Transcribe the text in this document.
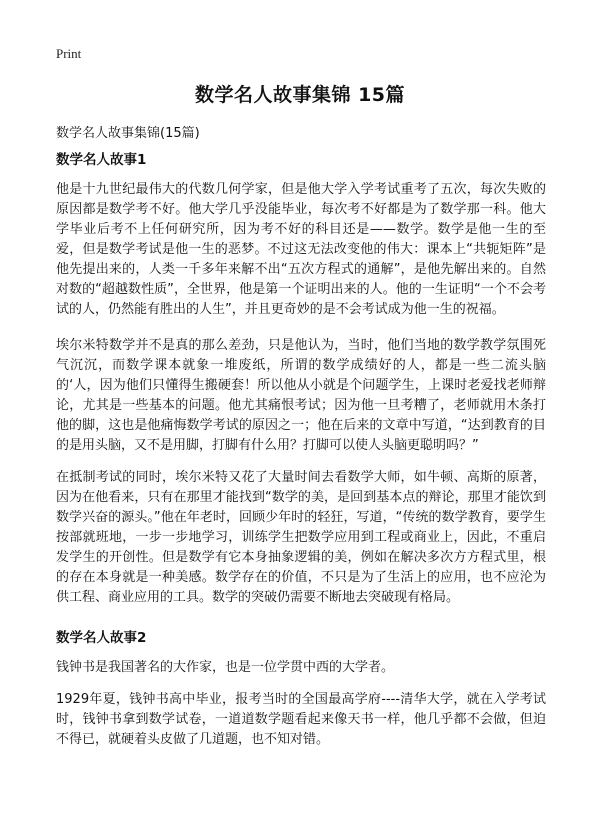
Print
数学名人故事集锦 15篇
数学名人故事集锦(15篇)

数学名人故事1

他是十九世纪最伟大的代数几何学家，但是他大学入学考试重考了五次，每次失败的原因都是数学考不好。他大学几乎没能毕业，每次考不好都是为了数学那一科。他大学毕业后考不上任何研究所，因为考不好的科目还是——数学。数学是他一生的至爱，但是数学考试是他一生的恶梦。不过这无法改变他的伟大：课本上“共轭矩阵”是他先提出来的，人类一千多年来解不出“五次方程式的通解”，是他先解出来的。自然对数的“超越数性质”，全世界，他是第一个证明出来的人。他的一生证明“一个不会考试的人，仍然能有胜出的人生”，并且更奇妙的是不会考试成为他一生的祝福。

埃尔米特数学并不是真的那么差劲，只是他认为，当时，他们当地的数学教学氛围死气沉沉，而数学课本就象一堆废纸，所谓的数学成绩好的人，都是一些二流头脑的‘人，因为他们只懂得生搬硬套！所以他从小就是个问题学生，上课时老爱找老师辩论，尤其是一些基本的问题。他尤其痛恨考试；因为他一旦考糟了，老师就用木条打他的脚，这也是他痛悔数学考试的原因之一；他在后来的文章中写道，“达到教育的目的是用头脑，又不是用脚，打脚有什么用？打脚可以使人头脑更聪明吗？”

在抵制考试的同时，埃尔米特又花了大量时间去看数学大师，如牛顿、高斯的原著，因为在他看来，只有在那里才能找到“数学的美，是回到基本点的辩论，那里才能饮到数学兴奋的源头。”他在年老时，回顾少年时的轻狂，写道，“传统的数学教育，要学生按部就班地，一步一步地学习，训练学生把数学应用到工程或商业上，因此，不重启发学生的开创性。但是数学有它本身抽象逻辑的美，例如在解决多次方方程式里，根的存在本身就是一种美感。数学存在的价值，不只是为了生活上的应用，也不应沦为供工程、商业应用的工具。数学的突破仍需要不断地去突破现有格局。

数学名人故事2

钱钟书是我国著名的大作家，也是一位学贯中西的大学者。

1929年夏，钱钟书高中毕业，报考当时的全国最高学府----清华大学，就在入学考试时，钱钟书拿到数学试卷，一道道数学题看起来像天书一样，他几乎都不会做，但迫不得已，就硬着头皮做了几道题，也不知对错。
